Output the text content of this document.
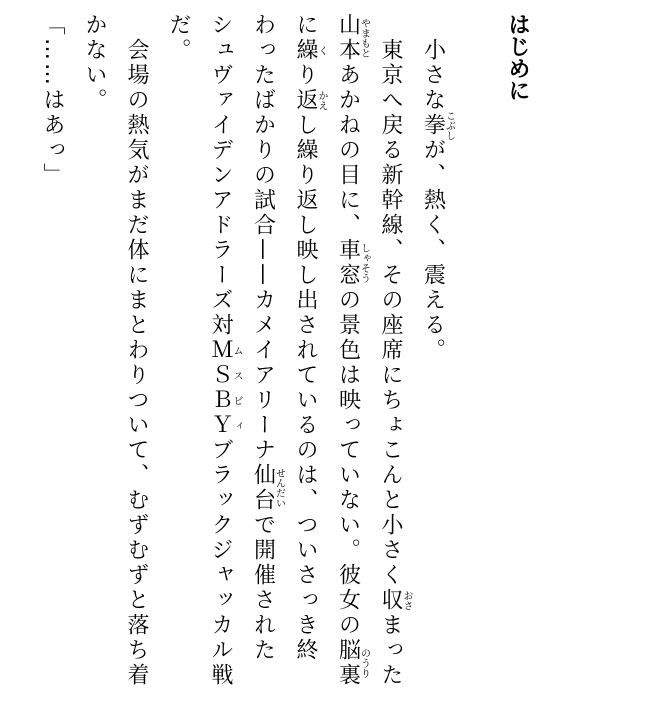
はじめに
小さな拳こぶしが、熱く、震える。
東京へ戻る新幹線、その座席にちょこんと小さく収おさまった
山本やまもとあかねの目に、車窓しゃそうの景色は映っていない。彼女の脳裏のうり
に繰くり返かえし繰り返し映し出されているのは、ついさっき終
わったばかりの試合——カメイアリーナ仙台せんだいで開催された
シュヴァイデンアドラーズ対ＭムＳスＢビＹィブラックジャッカル戦
だ。
会場の熱気がまだ体にまとわりついて、むずむずと落ち着
かない。
「……はあっ」
